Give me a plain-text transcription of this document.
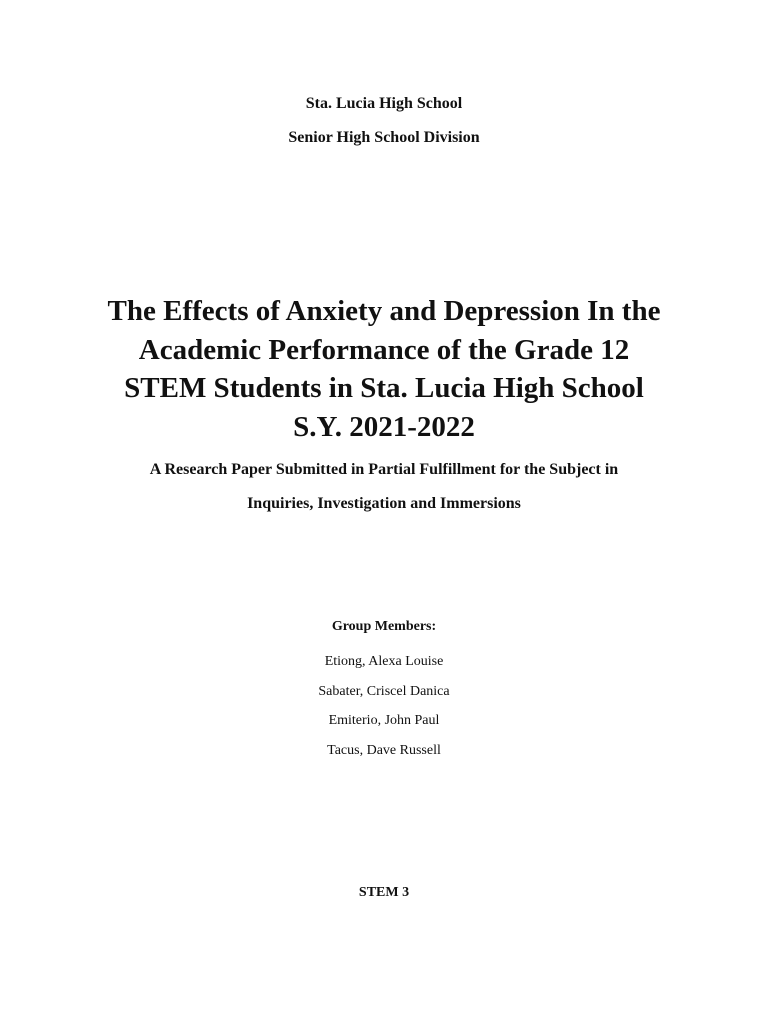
Sta. Lucia High School
Senior High School Division
The Effects of Anxiety and Depression In the
Academic Performance of the Grade 12
STEM Students in Sta. Lucia High School
S.Y. 2021-2022
A Research Paper Submitted in Partial Fulfillment for the Subject in
Inquiries, Investigation and Immersions
Group Members:
Etiong, Alexa Louise
Sabater, Criscel Danica
Emiterio, John Paul
Tacus, Dave Russell
STEM 3
